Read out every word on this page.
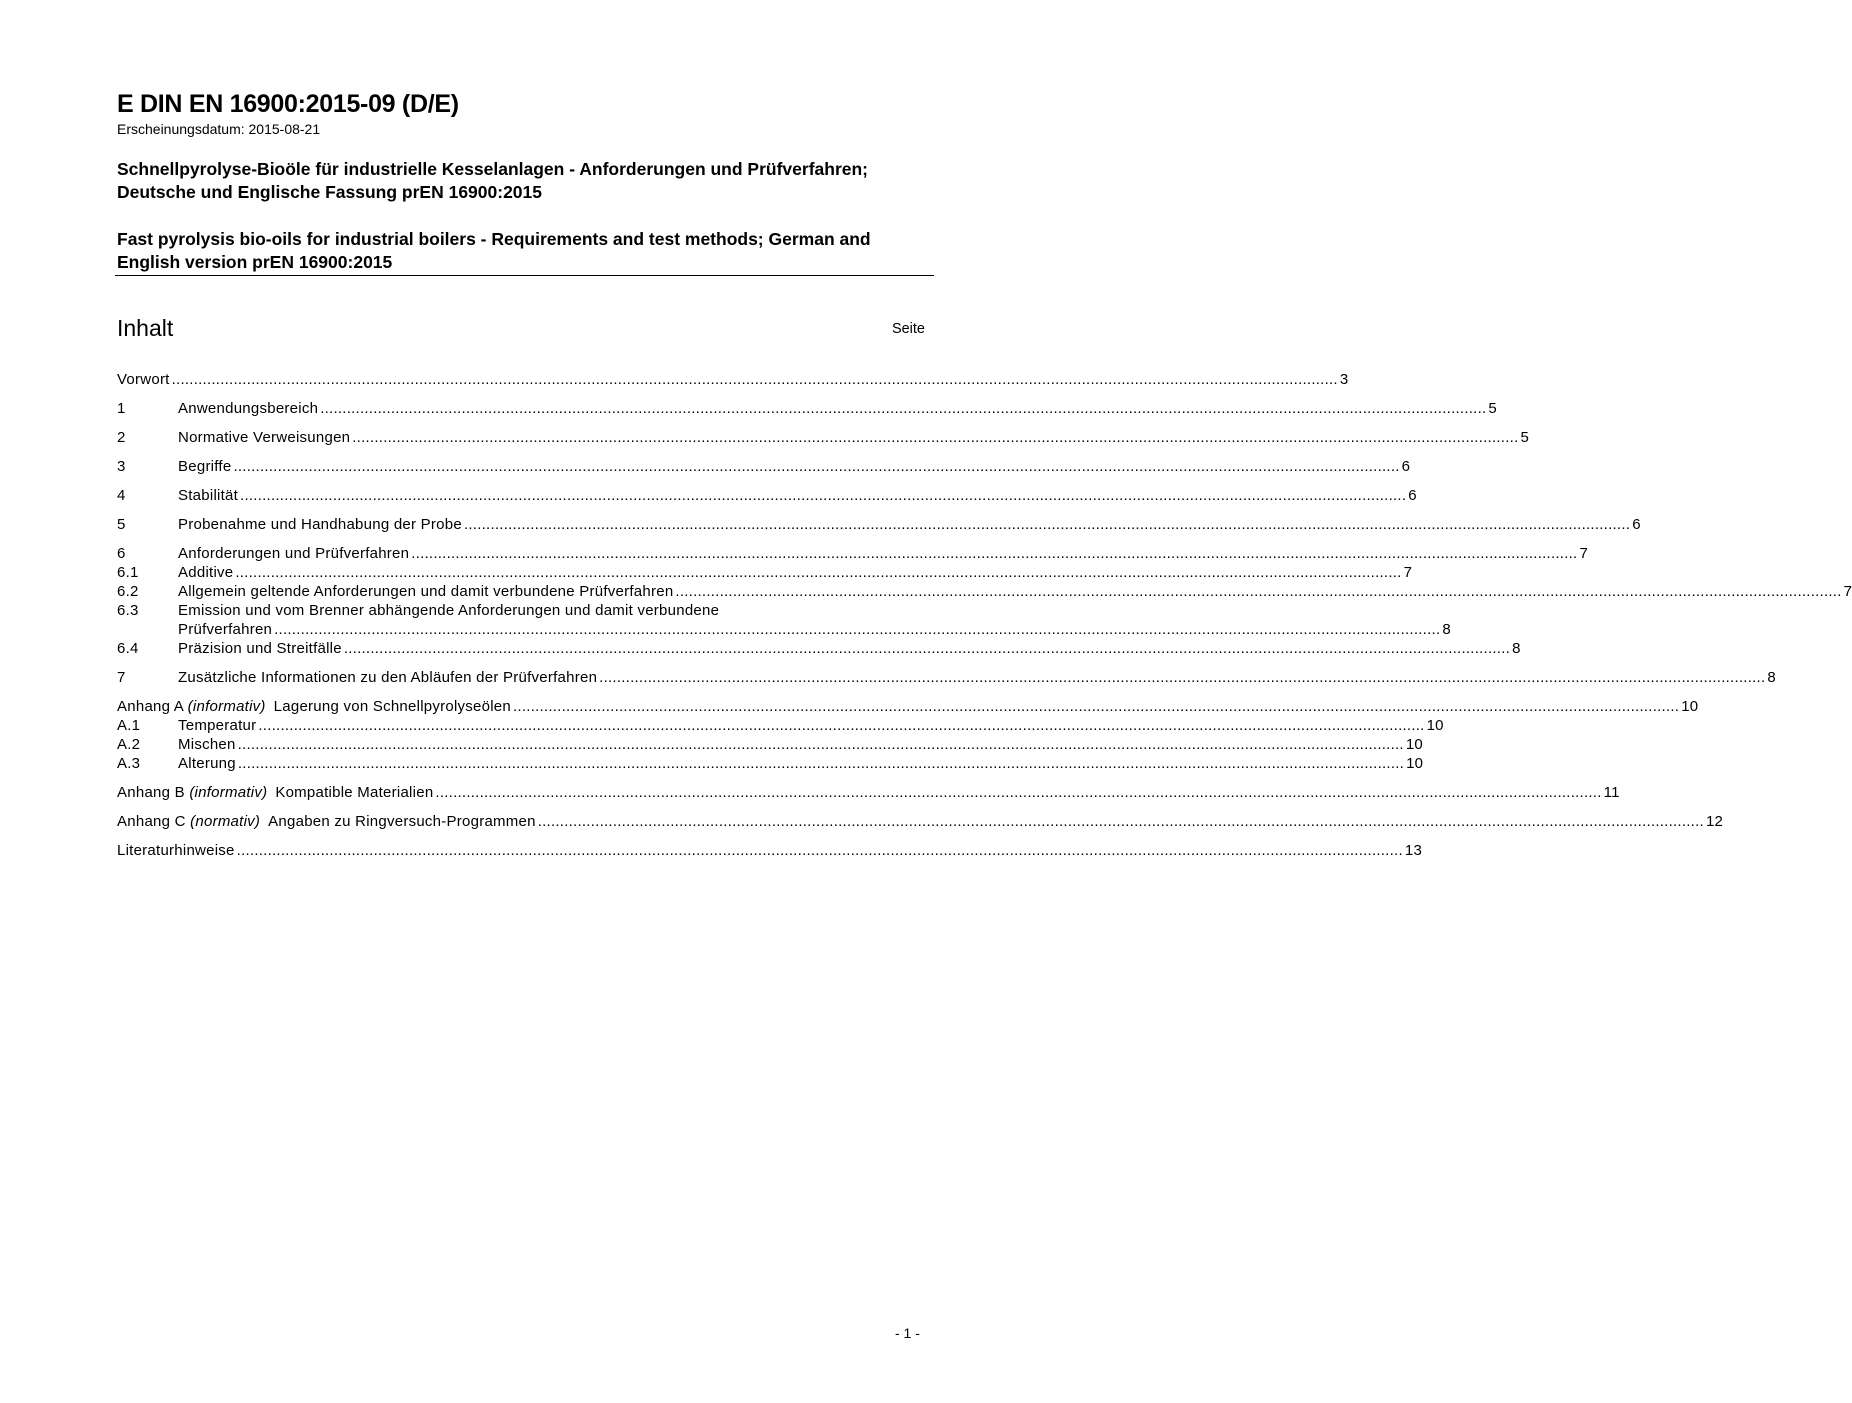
E DIN EN 16900:2015-09 (D/E)
Erscheinungsdatum: 2015-08-21
Schnellpyrolyse-Bioöle für industrielle Kesselanlagen - Anforderungen und Prüfverfahren; Deutsche und Englische Fassung prEN 16900:2015
Fast pyrolysis bio-oils for industrial boilers - Requirements and test methods; German and English version prEN 16900:2015
Inhalt	Seite
Vorwort .....	3
1	Anwendungsbereich .....	5
2	Normative Verweisungen .....	5
3	Begriffe .....	6
4	Stabilität .....	6
5	Probenahme und Handhabung der Probe .....	6
6	Anforderungen und Prüfverfahren .....	7
6.1	Additive .....	7
6.2	Allgemein geltende Anforderungen und damit verbundene Prüfverfahren .....	7
6.3	Emission und vom Brenner abhängende Anforderungen und damit verbundene
Prüfverfahren .....	8
6.4	Präzision und Streitfälle .....	8
7	Zusätzliche Informationen zu den Abläufen der Prüfverfahren .....	8
Anhang A (informativ) Lagerung von Schnellpyrolyseölen .....	10
A.1	Temperatur .....	10
A.2	Mischen .....	10
A.3	Alterung .....	10
Anhang B (informativ) Kompatible Materialien .....	11
Anhang C (normativ) Angaben zu Ringversuch-Programmen .....	12
Literaturhinweise .....	13
- 1 -
